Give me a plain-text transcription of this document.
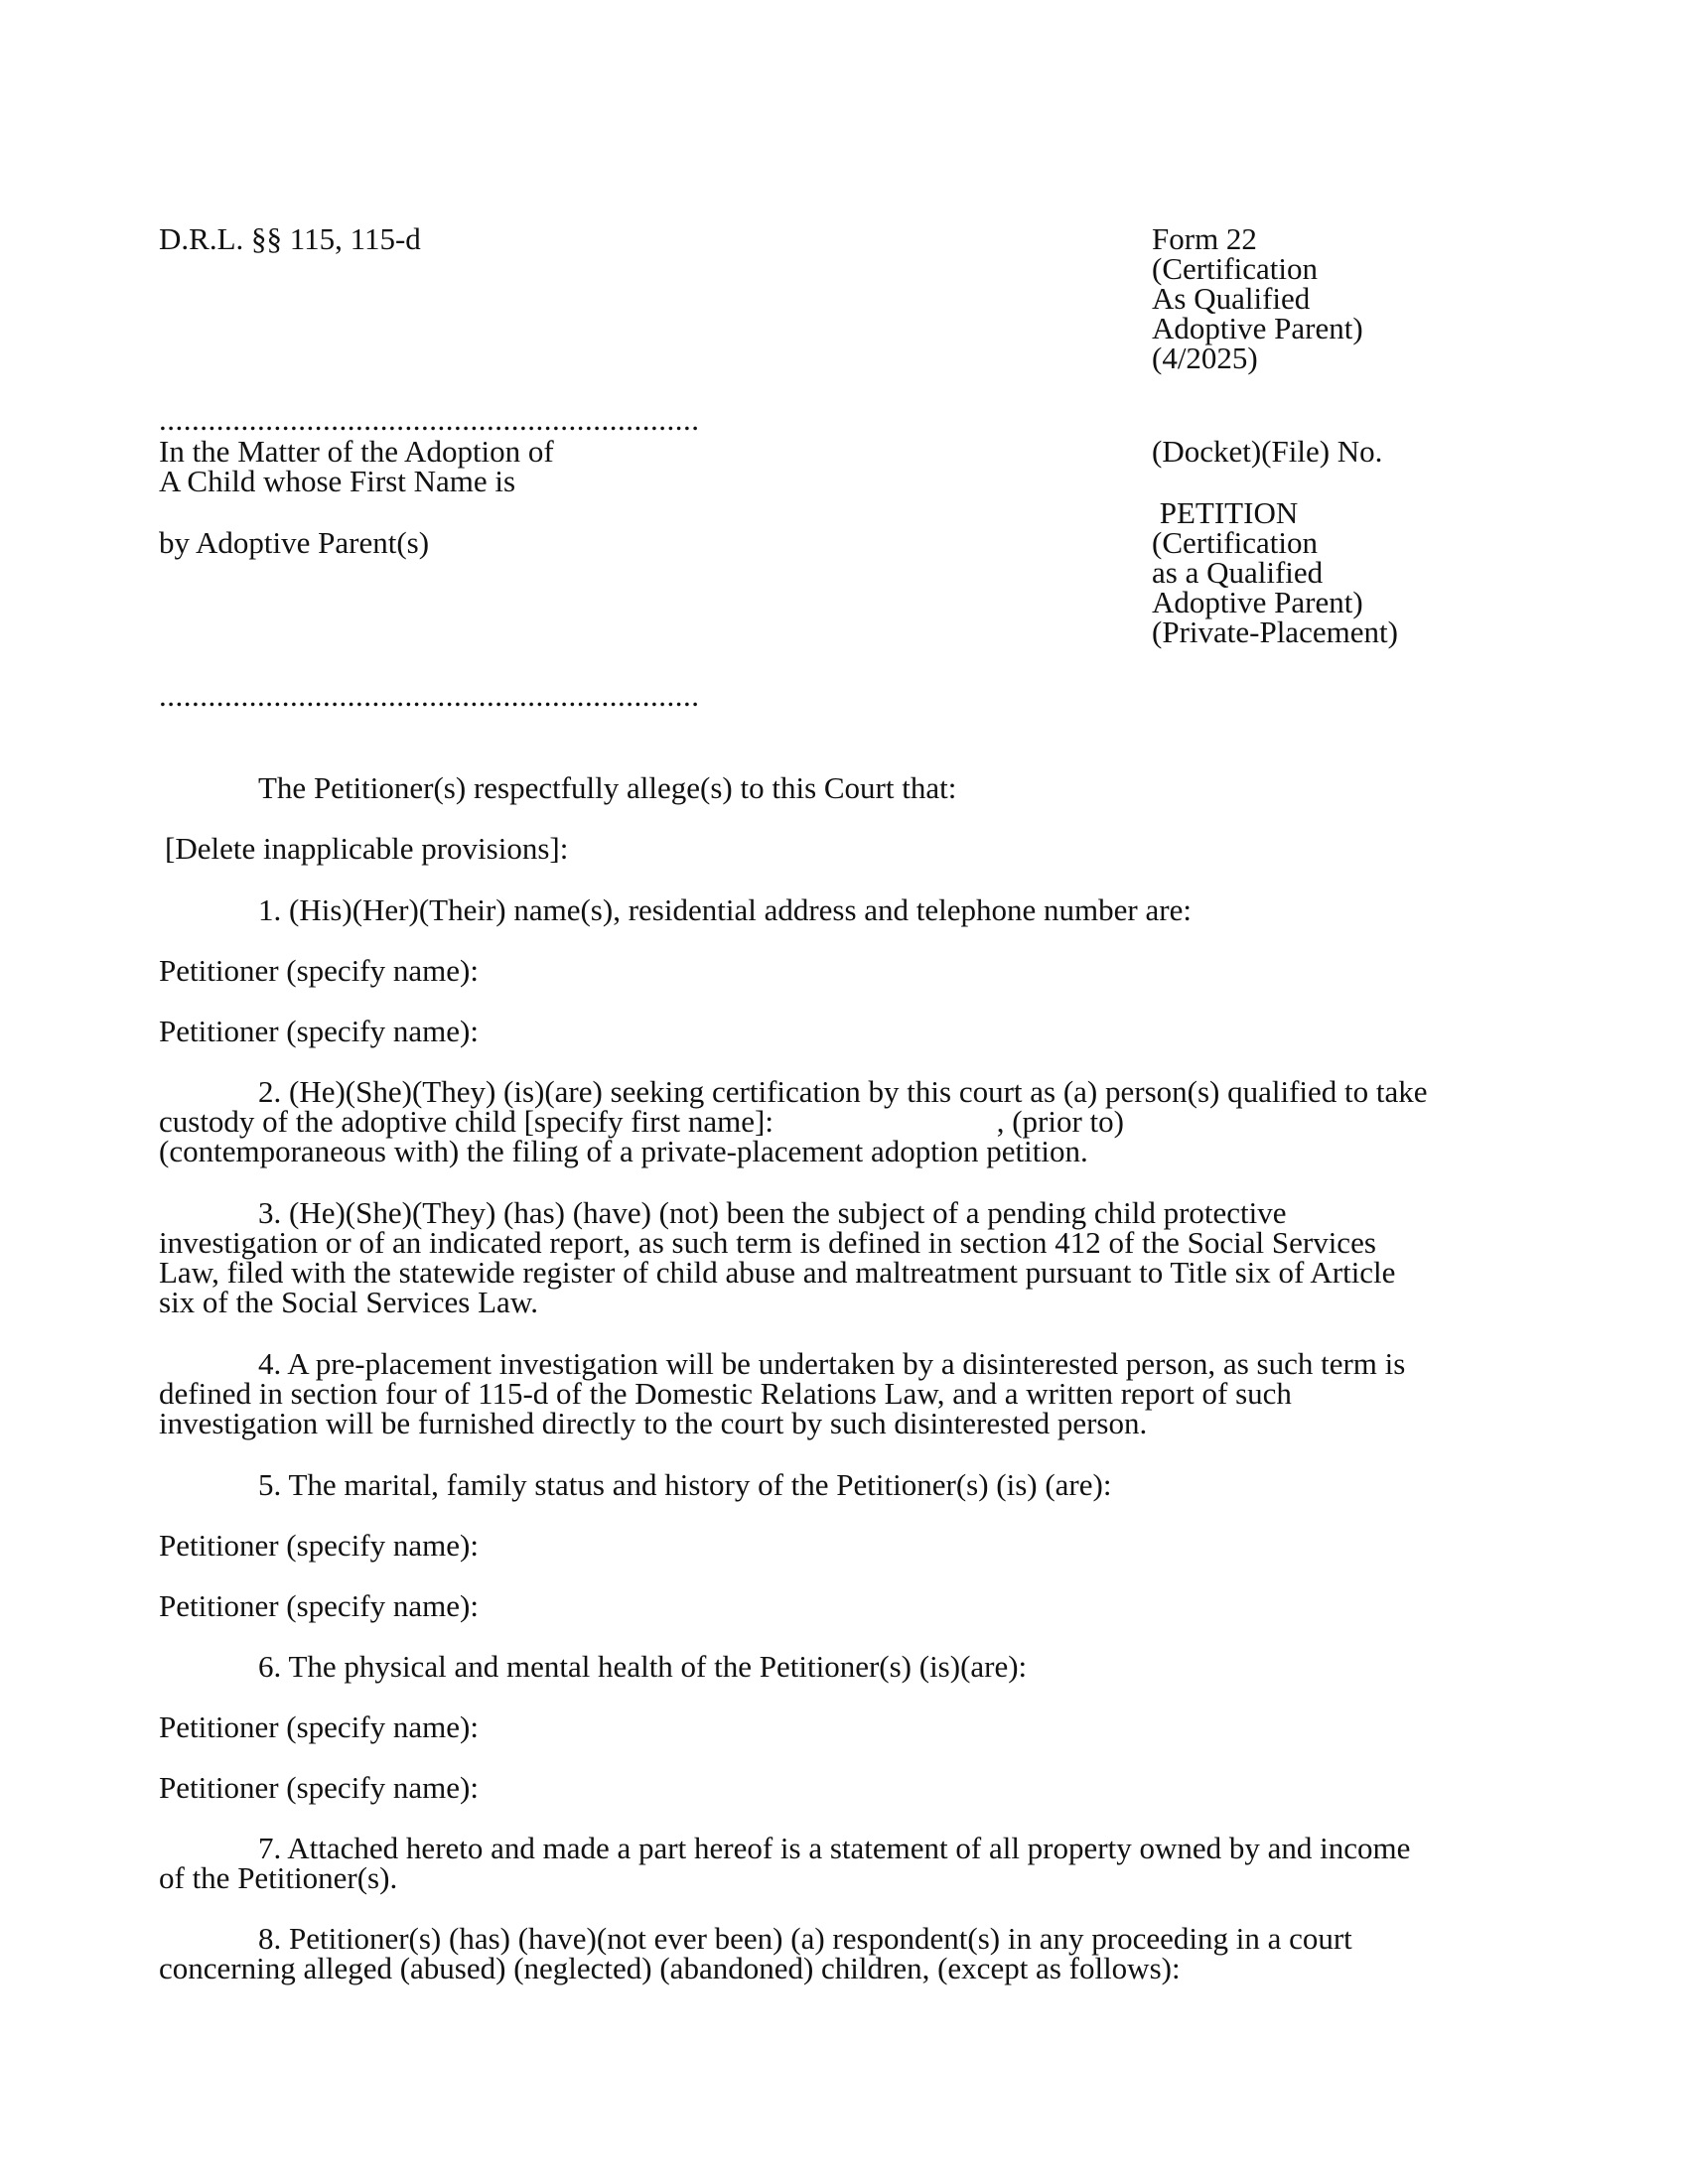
D.R.L. §§ 115, 115-d	Form 22
(Certification
As Qualified
Adoptive Parent)
(4/2025)
..................................................................
In the Matter of the Adoption of
A Child whose First Name is
by Adoptive Parent(s)
..................................................................
(Docket)(File) No.
PETITION
(Certification
as a Qualified
Adoptive Parent)
(Private-Placement)
The Petitioner(s) respectfully allege(s) to this Court that:
[Delete inapplicable provisions]:
1. (His)(Her)(Their) name(s), residential address and telephone number are:
Petitioner (specify name):
Petitioner (specify name):
2. (He)(She)(They) (is)(are) seeking certification by this court as (a) person(s) qualified to take
custody of the adoptive child [specify first name]:                             , (prior to)
(contemporaneous with) the filing of a private-placement adoption petition.
3. (He)(She)(They) (has) (have) (not) been the subject of a pending child protective
investigation or of an indicated report, as such term is defined in section 412 of the Social Services
Law, filed with the statewide register of child abuse and maltreatment pursuant to Title six of Article
six of the Social Services Law.
4. A pre-placement investigation will be undertaken by a disinterested person, as such term is
defined in section four of 115-d of the Domestic Relations Law, and a written report of such
investigation will be furnished directly to the court by such disinterested person.
5. The marital, family status and history of the Petitioner(s) (is) (are):
Petitioner (specify name):
Petitioner (specify name):
6. The physical and mental health of the Petitioner(s) (is)(are):
Petitioner (specify name):
Petitioner (specify name):
7. Attached hereto and made a part hereof is a statement of all property owned by and income
of the Petitioner(s).
8. Petitioner(s) (has) (have)(not ever been) (a) respondent(s) in any proceeding in a court
concerning alleged (abused) (neglected) (abandoned) children, (except as follows):
